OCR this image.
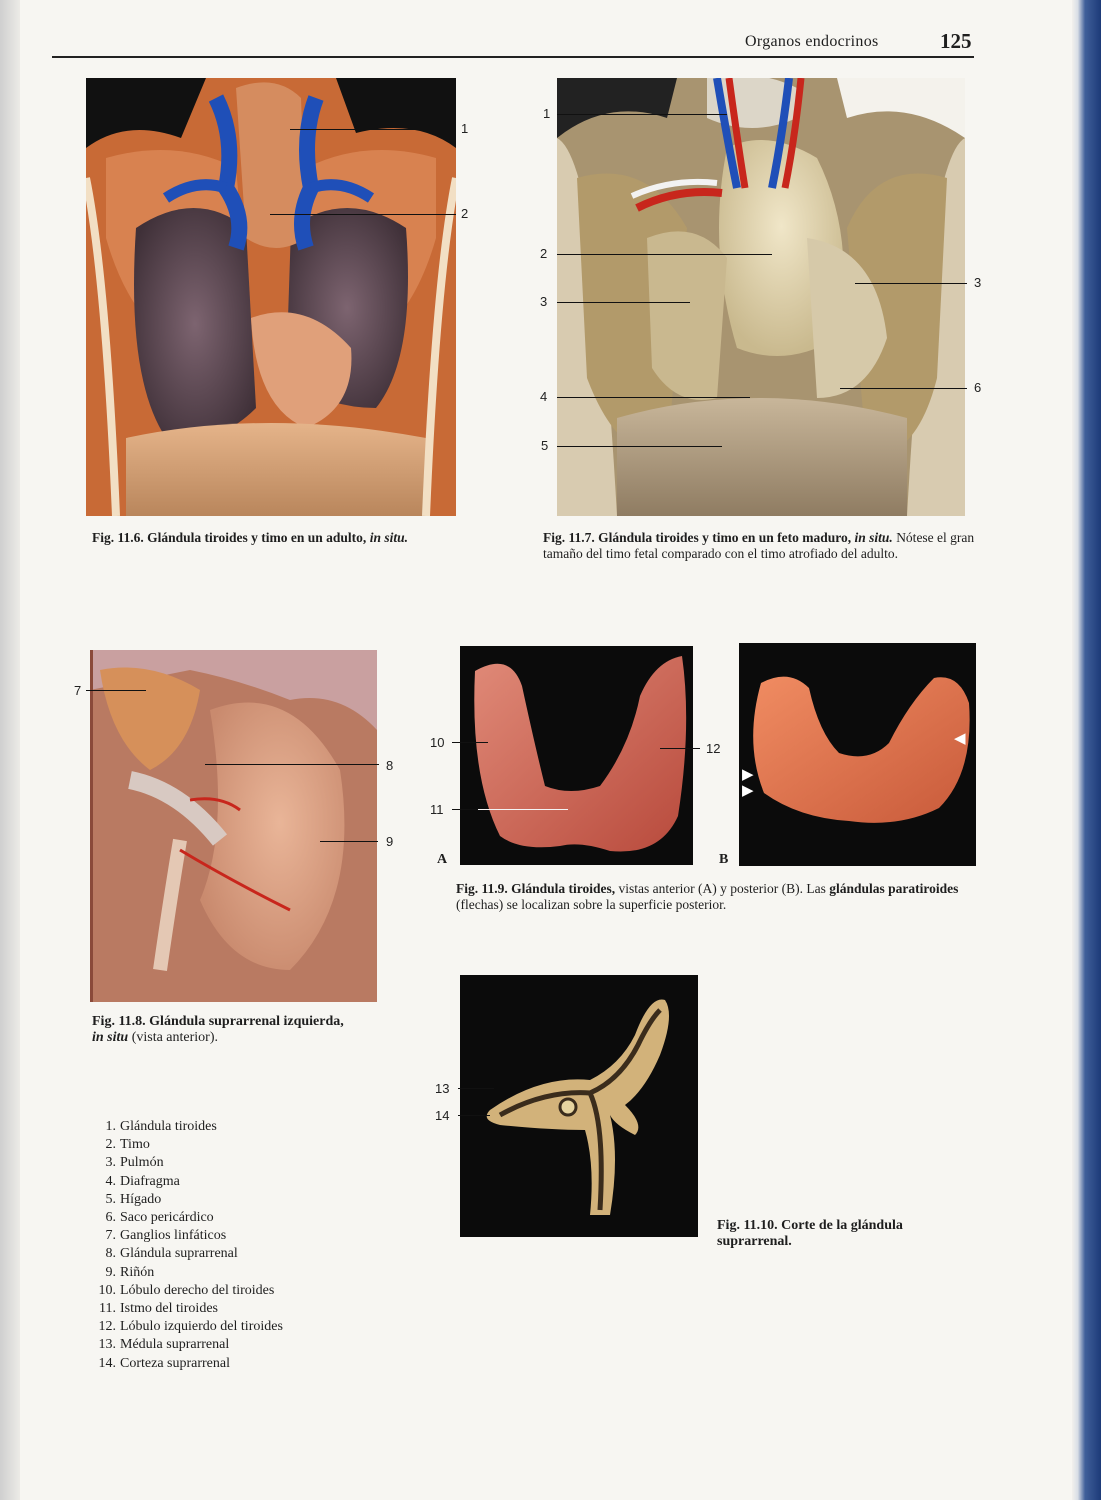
Organos endocrinos	125
1
2
Fig. 11.6. Glándula tiroides y timo en un adulto, in situ.
1
2
3
4
5
3
6
Fig. 11.7. Glándula tiroides y timo en un feto maduro, in situ. Nótese el gran tamaño del timo fetal comparado con el timo atrofiado del adulto.
7
8
9
Fig. 11.8. Glándula suprarrenal izquierda, in situ (vista anterior).
10
11
12
A
◀
▶
▶
B
Fig. 11.9. Glándula tiroides, vistas anterior (A) y posterior (B). Las glándulas paratiroides (flechas) se localizan sobre la superficie posterior.
13
14
Fig. 11.10. Corte de la glándula suprarrenal.
1. Glándula tiroides
2. Timo
3. Pulmón
4. Diafragma
5. Hígado
6. Saco pericárdico
7. Ganglios linfáticos
8. Glándula suprarrenal
9. Riñón
10. Lóbulo derecho del tiroides
11. Istmo del tiroides
12. Lóbulo izquierdo del tiroides
13. Médula suprarrenal
14. Corteza suprarrenal
